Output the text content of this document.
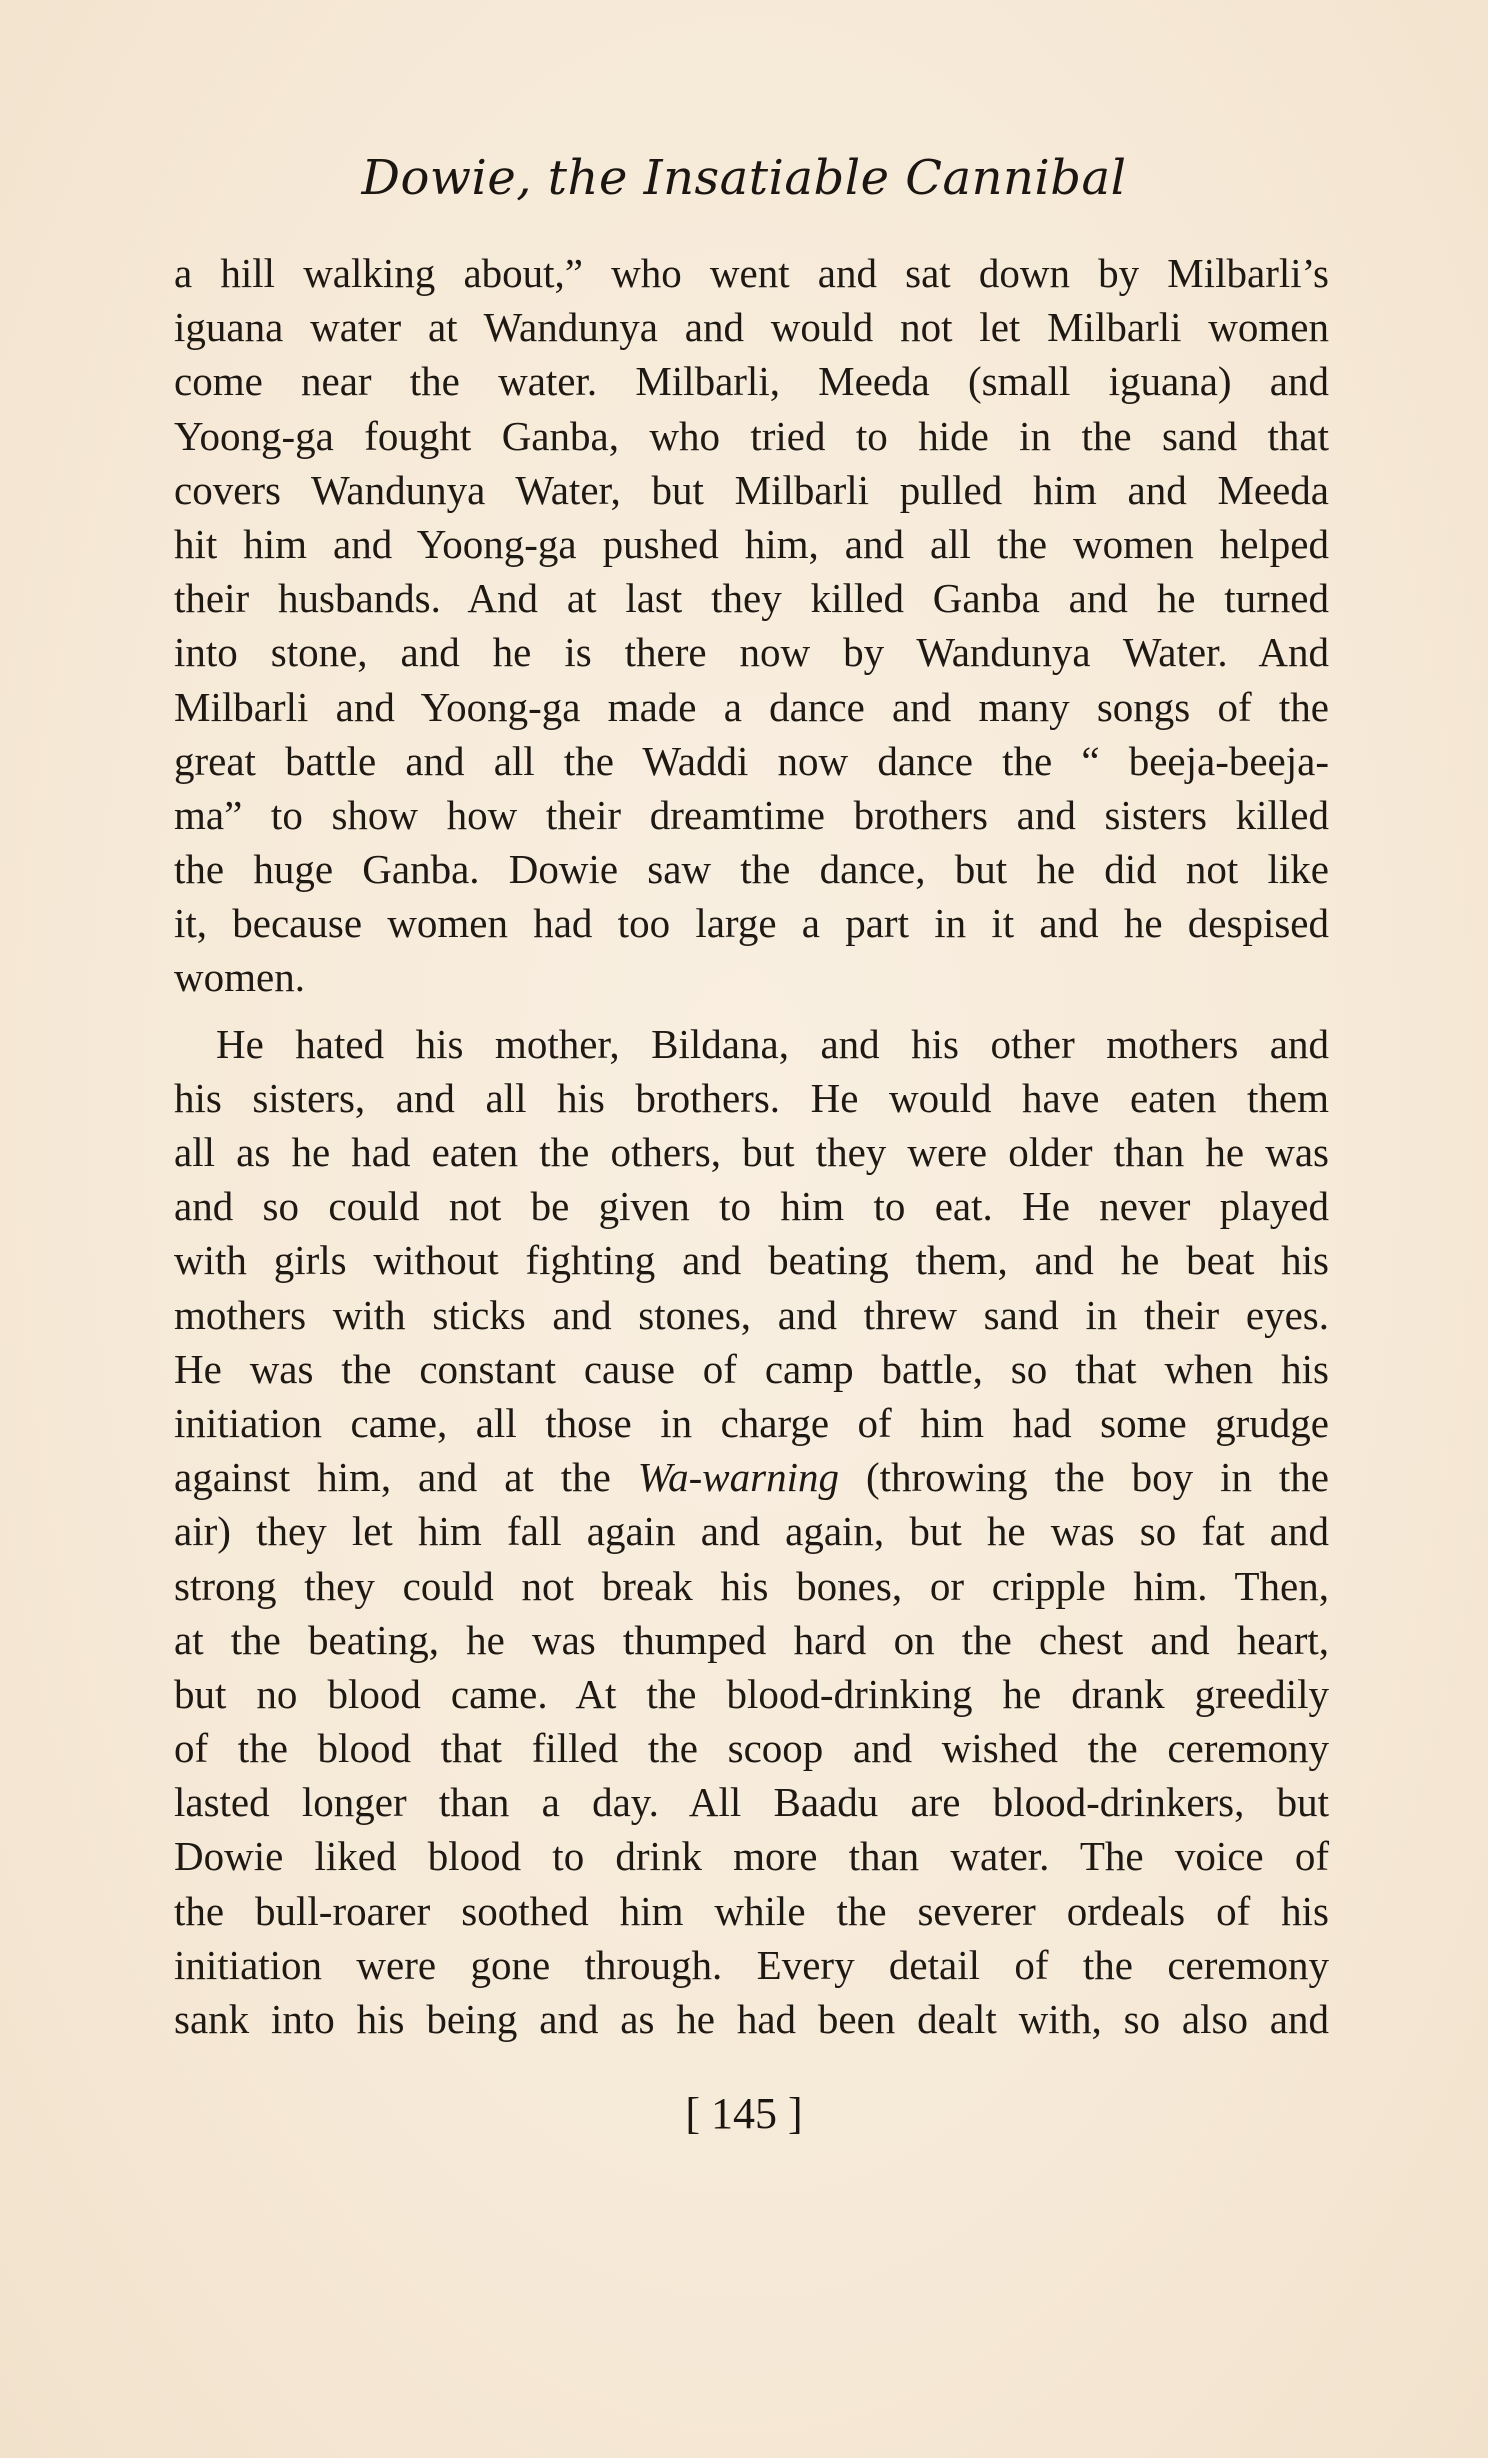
Dowie, the Insatiable Cannibal
a hill walking about,” who went and sat down by Milbarli’s
iguana water at Wandunya and would not let Milbarli women
come near the water. Milbarli, Meeda (small iguana) and
Yoong-ga fought Ganba, who tried to hide in the sand that
covers Wandunya Water, but Milbarli pulled him and Meeda
hit him and Yoong-ga pushed him, and all the women helped
their husbands. And at last they killed Ganba and he turned
into stone, and he is there now by Wandunya Water. And
Milbarli and Yoong-ga made a dance and many songs of the
great battle and all the Waddi now dance the “ beeja-beeja-
ma” to show how their dreamtime brothers and sisters killed
the huge Ganba. Dowie saw the dance, but he did not like
it, because women had too large a part in it and he despised
women.
He hated his mother, Bildana, and his other mothers and
his sisters, and all his brothers. He would have eaten them
all as he had eaten the others, but they were older than he was
and so could not be given to him to eat. He never played
with girls without fighting and beating them, and he beat his
mothers with sticks and stones, and threw sand in their eyes.
He was the constant cause of camp battle, so that when his
initiation came, all those in charge of him had some grudge
against him, and at the Wa-warning (throwing the boy in the
air) they let him fall again and again, but he was so fat and
strong they could not break his bones, or cripple him. Then,
at the beating, he was thumped hard on the chest and heart,
but no blood came. At the blood-drinking he drank greedily
of the blood that filled the scoop and wished the ceremony
lasted longer than a day. All Baadu are blood-drinkers, but
Dowie liked blood to drink more than water. The voice of
the bull-roarer soothed him while the severer ordeals of his
initiation were gone through. Every detail of the ceremony
sank into his being and as he had been dealt with, so also and
[ 145 ]
